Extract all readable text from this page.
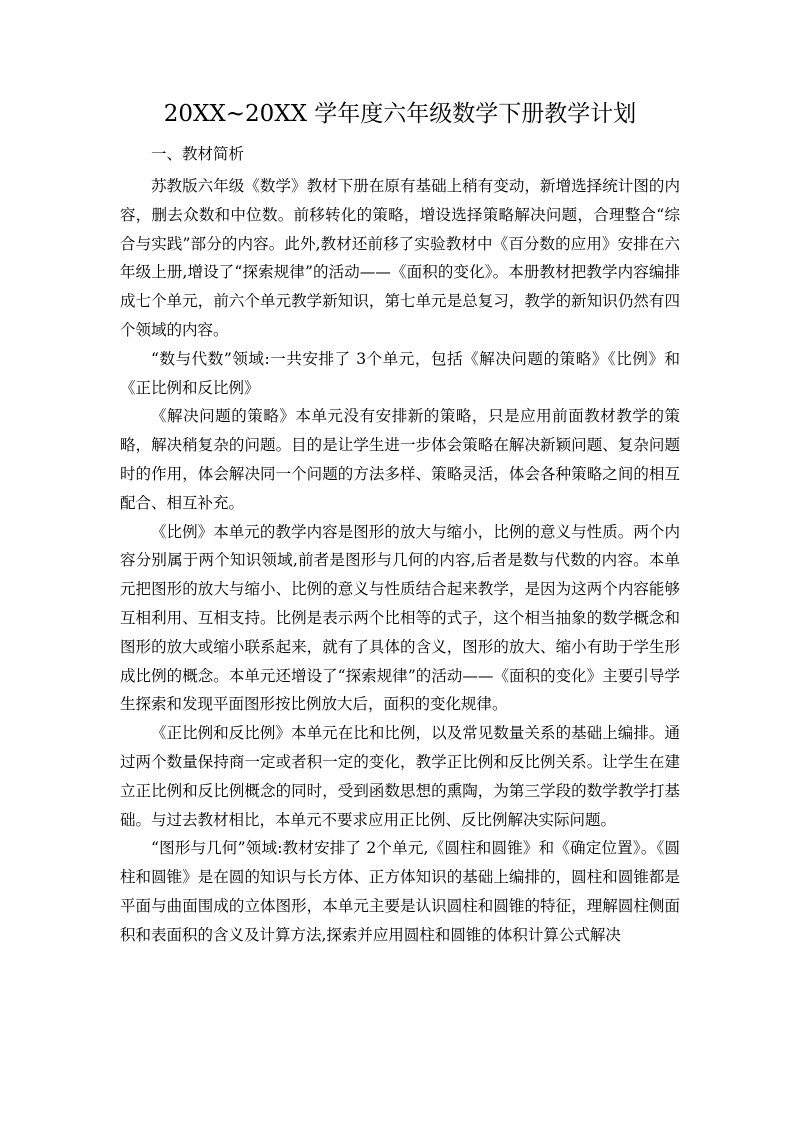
20XX~20XX 学年度六年级数学下册教学计划

一、教材简析

苏教版六年级《数学》教材下册在原有基础上稍有变动，新增选择统计图的内容，删去众数和中位数。前移转化的策略，增设选择策略解决问题，合理整合“综合与实践”部分的内容。此外,教材还前移了实验教材中《百分数的应用》安排在六年级上册,增设了“探索规律”的活动——《面积的变化》。本册教材把教学内容编排成七个单元，前六个单元教学新知识，第七单元是总复习，教学的新知识仍然有四个领域的内容。

“数与代数”领域:一共安排了 3个单元，包括《解决问题的策略》《比例》和《正比例和反比例》

《解决问题的策略》本单元没有安排新的策略，只是应用前面教材教学的策略，解决稍复杂的问题。目的是让学生进一步体会策略在解决新颖问题、复杂问题时的作用，体会解决同一个问题的方法多样、策略灵活，体会各种策略之间的相互配合、相互补充。

《比例》本单元的教学内容是图形的放大与缩小，比例的意义与性质。两个内容分别属于两个知识领域,前者是图形与几何的内容,后者是数与代数的内容。本单元把图形的放大与缩小、比例的意义与性质结合起来教学，是因为这两个内容能够互相利用、互相支持。比例是表示两个比相等的式子，这个相当抽象的数学概念和图形的放大或缩小联系起来，就有了具体的含义，图形的放大、缩小有助于学生形成比例的概念。本单元还增设了“探索规律”的活动——《面积的变化》主要引导学生探索和发现平面图形按比例放大后，面积的变化规律。

《正比例和反比例》本单元在比和比例，以及常见数量关系的基础上编排。通过两个数量保持商一定或者积一定的变化，教学正比例和反比例关系。让学生在建立正比例和反比例概念的同时，受到函数思想的熏陶，为第三学段的数学教学打基础。与过去教材相比，本单元不要求应用正比例、反比例解决实际问题。

“图形与几何”领域:教材安排了 2个单元,《圆柱和圆锥》和《确定位置》。《圆柱和圆锥》是在圆的知识与长方体、正方体知识的基础上编排的，圆柱和圆锥都是平面与曲面围成的立体图形，本单元主要是认识圆柱和圆锥的特征，理解圆柱侧面积和表面积的含义及计算方法,探索并应用圆柱和圆锥的体积计算公式解决
